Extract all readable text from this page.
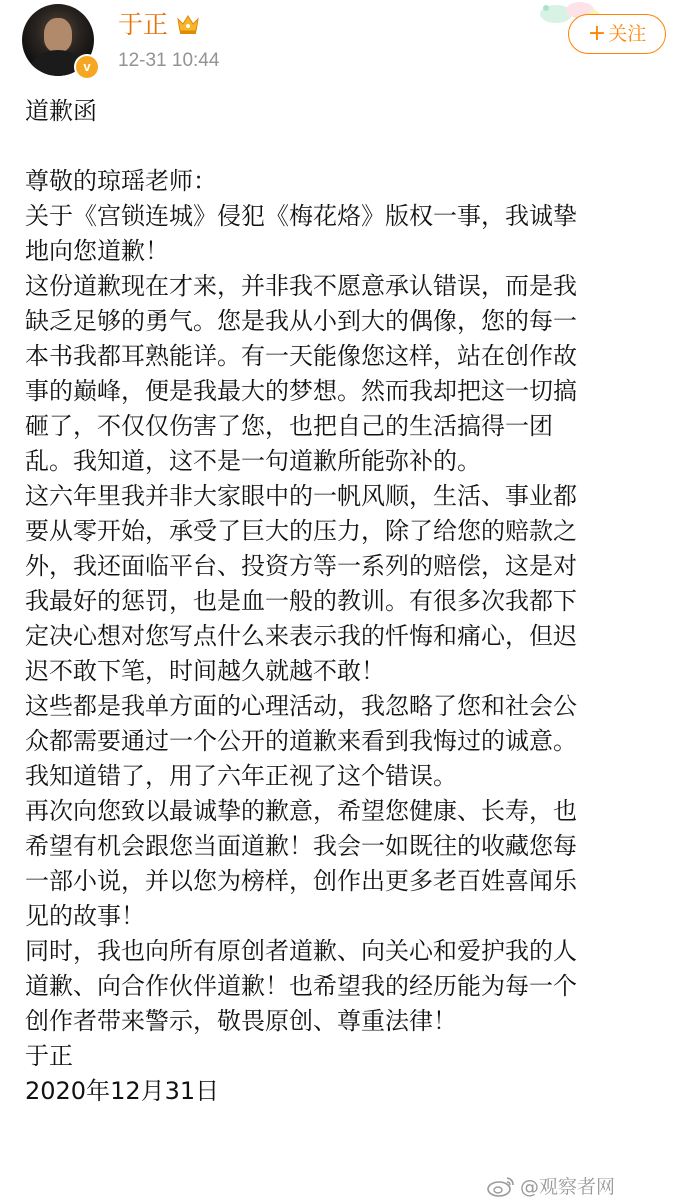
v
于正
12-31 10:44
+ 关注
道歉函
尊敬的琼瑶老师：
关于《宫锁连城》侵犯《梅花烙》版权一事，我诚挚
地向您道歉！
这份道歉现在才来，并非我不愿意承认错误，而是我
缺乏足够的勇气。您是我从小到大的偶像，您的每一
本书我都耳熟能详。有一天能像您这样，站在创作故
事的巅峰，便是我最大的梦想。然而我却把这一切搞
砸了，不仅仅伤害了您，也把自己的生活搞得一团
乱。我知道，这不是一句道歉所能弥补的。
这六年里我并非大家眼中的一帆风顺，生活、事业都
要从零开始，承受了巨大的压力，除了给您的赔款之
外，我还面临平台、投资方等一系列的赔偿，这是对
我最好的惩罚，也是血一般的教训。有很多次我都下
定决心想对您写点什么来表示我的忏悔和痛心，但迟
迟不敢下笔，时间越久就越不敢！
这些都是我单方面的心理活动，我忽略了您和社会公
众都需要通过一个公开的道歉来看到我悔过的诚意。
我知道错了，用了六年正视了这个错误。
再次向您致以最诚挚的歉意，希望您健康、长寿，也
希望有机会跟您当面道歉！我会一如既往的收藏您每
一部小说，并以您为榜样，创作出更多老百姓喜闻乐
见的故事！
同时，我也向所有原创者道歉、向关心和爱护我的人
道歉、向合作伙伴道歉！也希望我的经历能为每一个
创作者带来警示，敬畏原创、尊重法律！
于正
2020年12月31日
@观察者网
